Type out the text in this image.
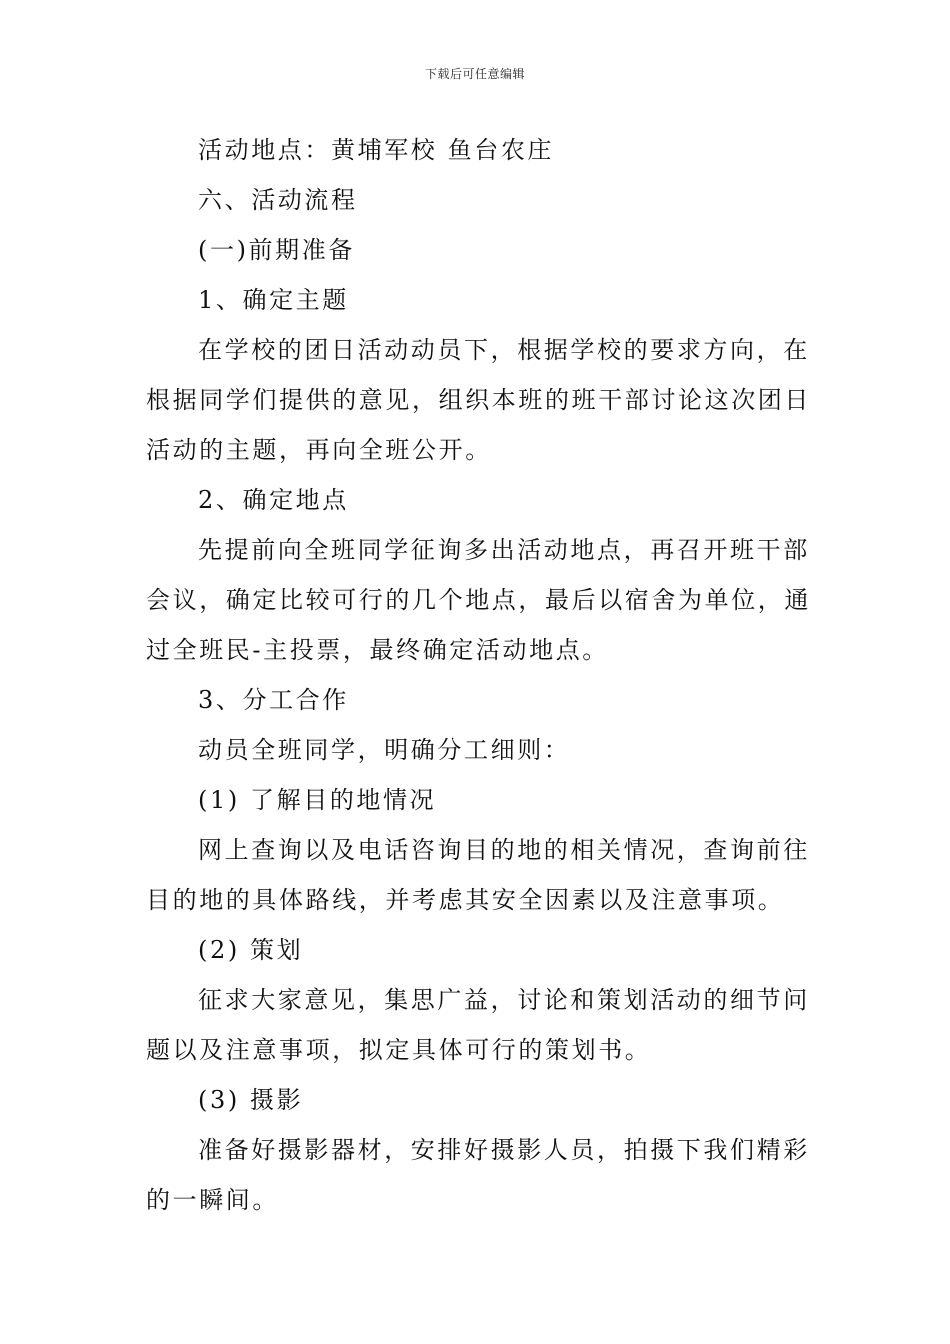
下载后可任意编辑

活动地点：黄埔军校 鱼台农庄

六、活动流程

(一)前期准备

1、确定主题

在学校的团日活动动员下，根据学校的要求方向，在

根据同学们提供的意见，组织本班的班干部讨论这次团日

活动的主题，再向全班公开。

2、确定地点

先提前向全班同学征询多出活动地点，再召开班干部

会议，确定比较可行的几个地点，最后以宿舍为单位，通

过全班民-主投票，最终确定活动地点。

3、分工合作

动员全班同学，明确分工细则：

(1) 了解目的地情况

网上查询以及电话咨询目的地的相关情况，查询前往

目的地的具体路线，并考虑其安全因素以及注意事项。

(2) 策划

征求大家意见，集思广益，讨论和策划活动的细节问

题以及注意事项，拟定具体可行的策划书。

(3) 摄影

准备好摄影器材，安排好摄影人员，拍摄下我们精彩

的一瞬间。
